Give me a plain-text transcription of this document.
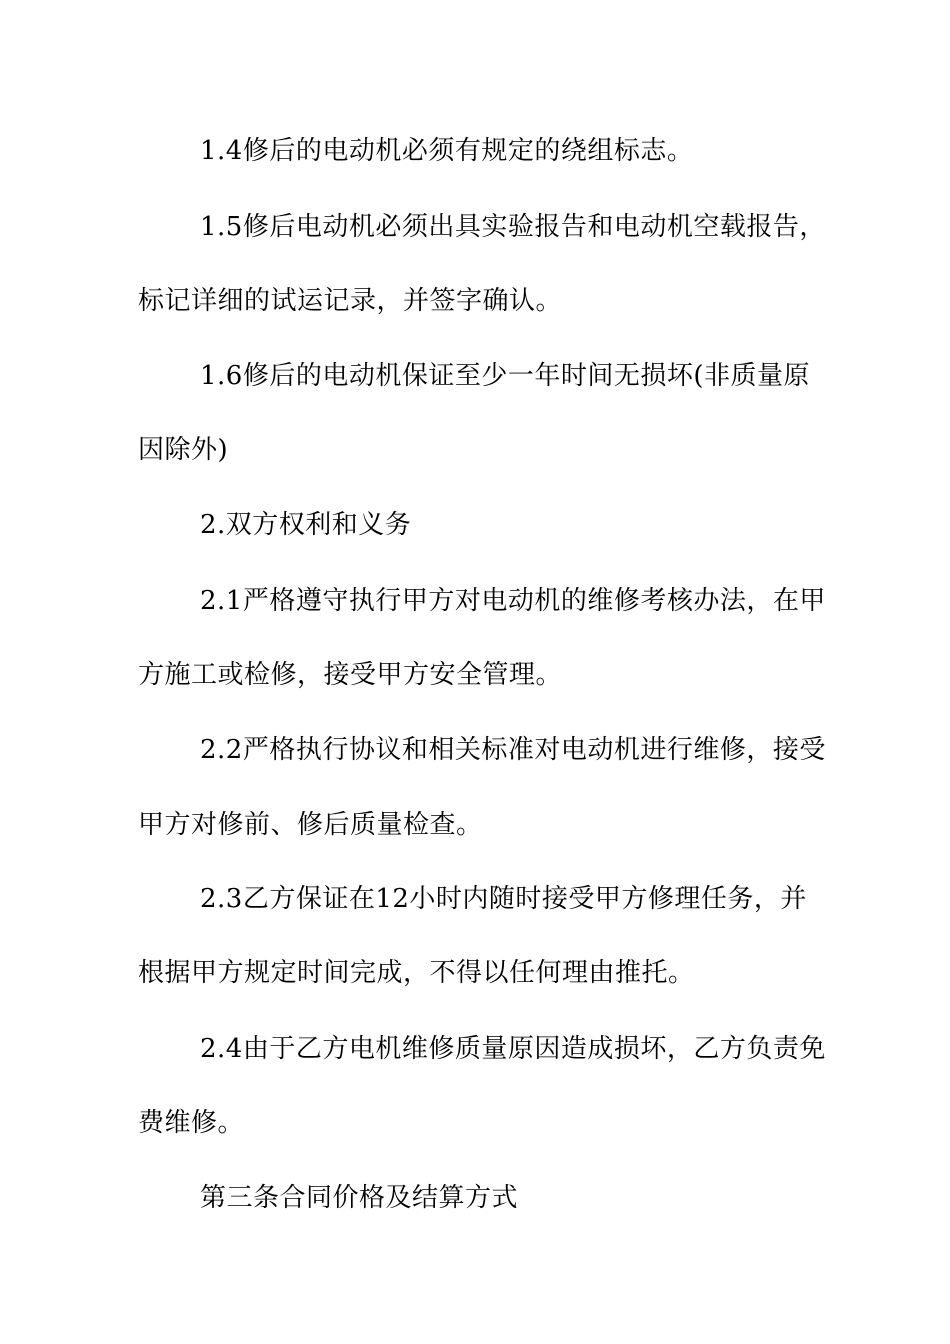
1.4修后的电动机必须有规定的绕组标志。
1.5修后电动机必须出具实验报告和电动机空载报告，
标记详细的试运记录，并签字确认。
1.6修后的电动机保证至少一年时间无损坏(非质量原
因除外)
2.双方权利和义务
2.1严格遵守执行甲方对电动机的维修考核办法，在甲
方施工或检修，接受甲方安全管理。
2.2严格执行协议和相关标准对电动机进行维修，接受
甲方对修前、修后质量检查。
2.3乙方保证在12小时内随时接受甲方修理任务，并
根据甲方规定时间完成，不得以任何理由推托。
2.4由于乙方电机维修质量原因造成损坏，乙方负责免
费维修。
第三条合同价格及结算方式
